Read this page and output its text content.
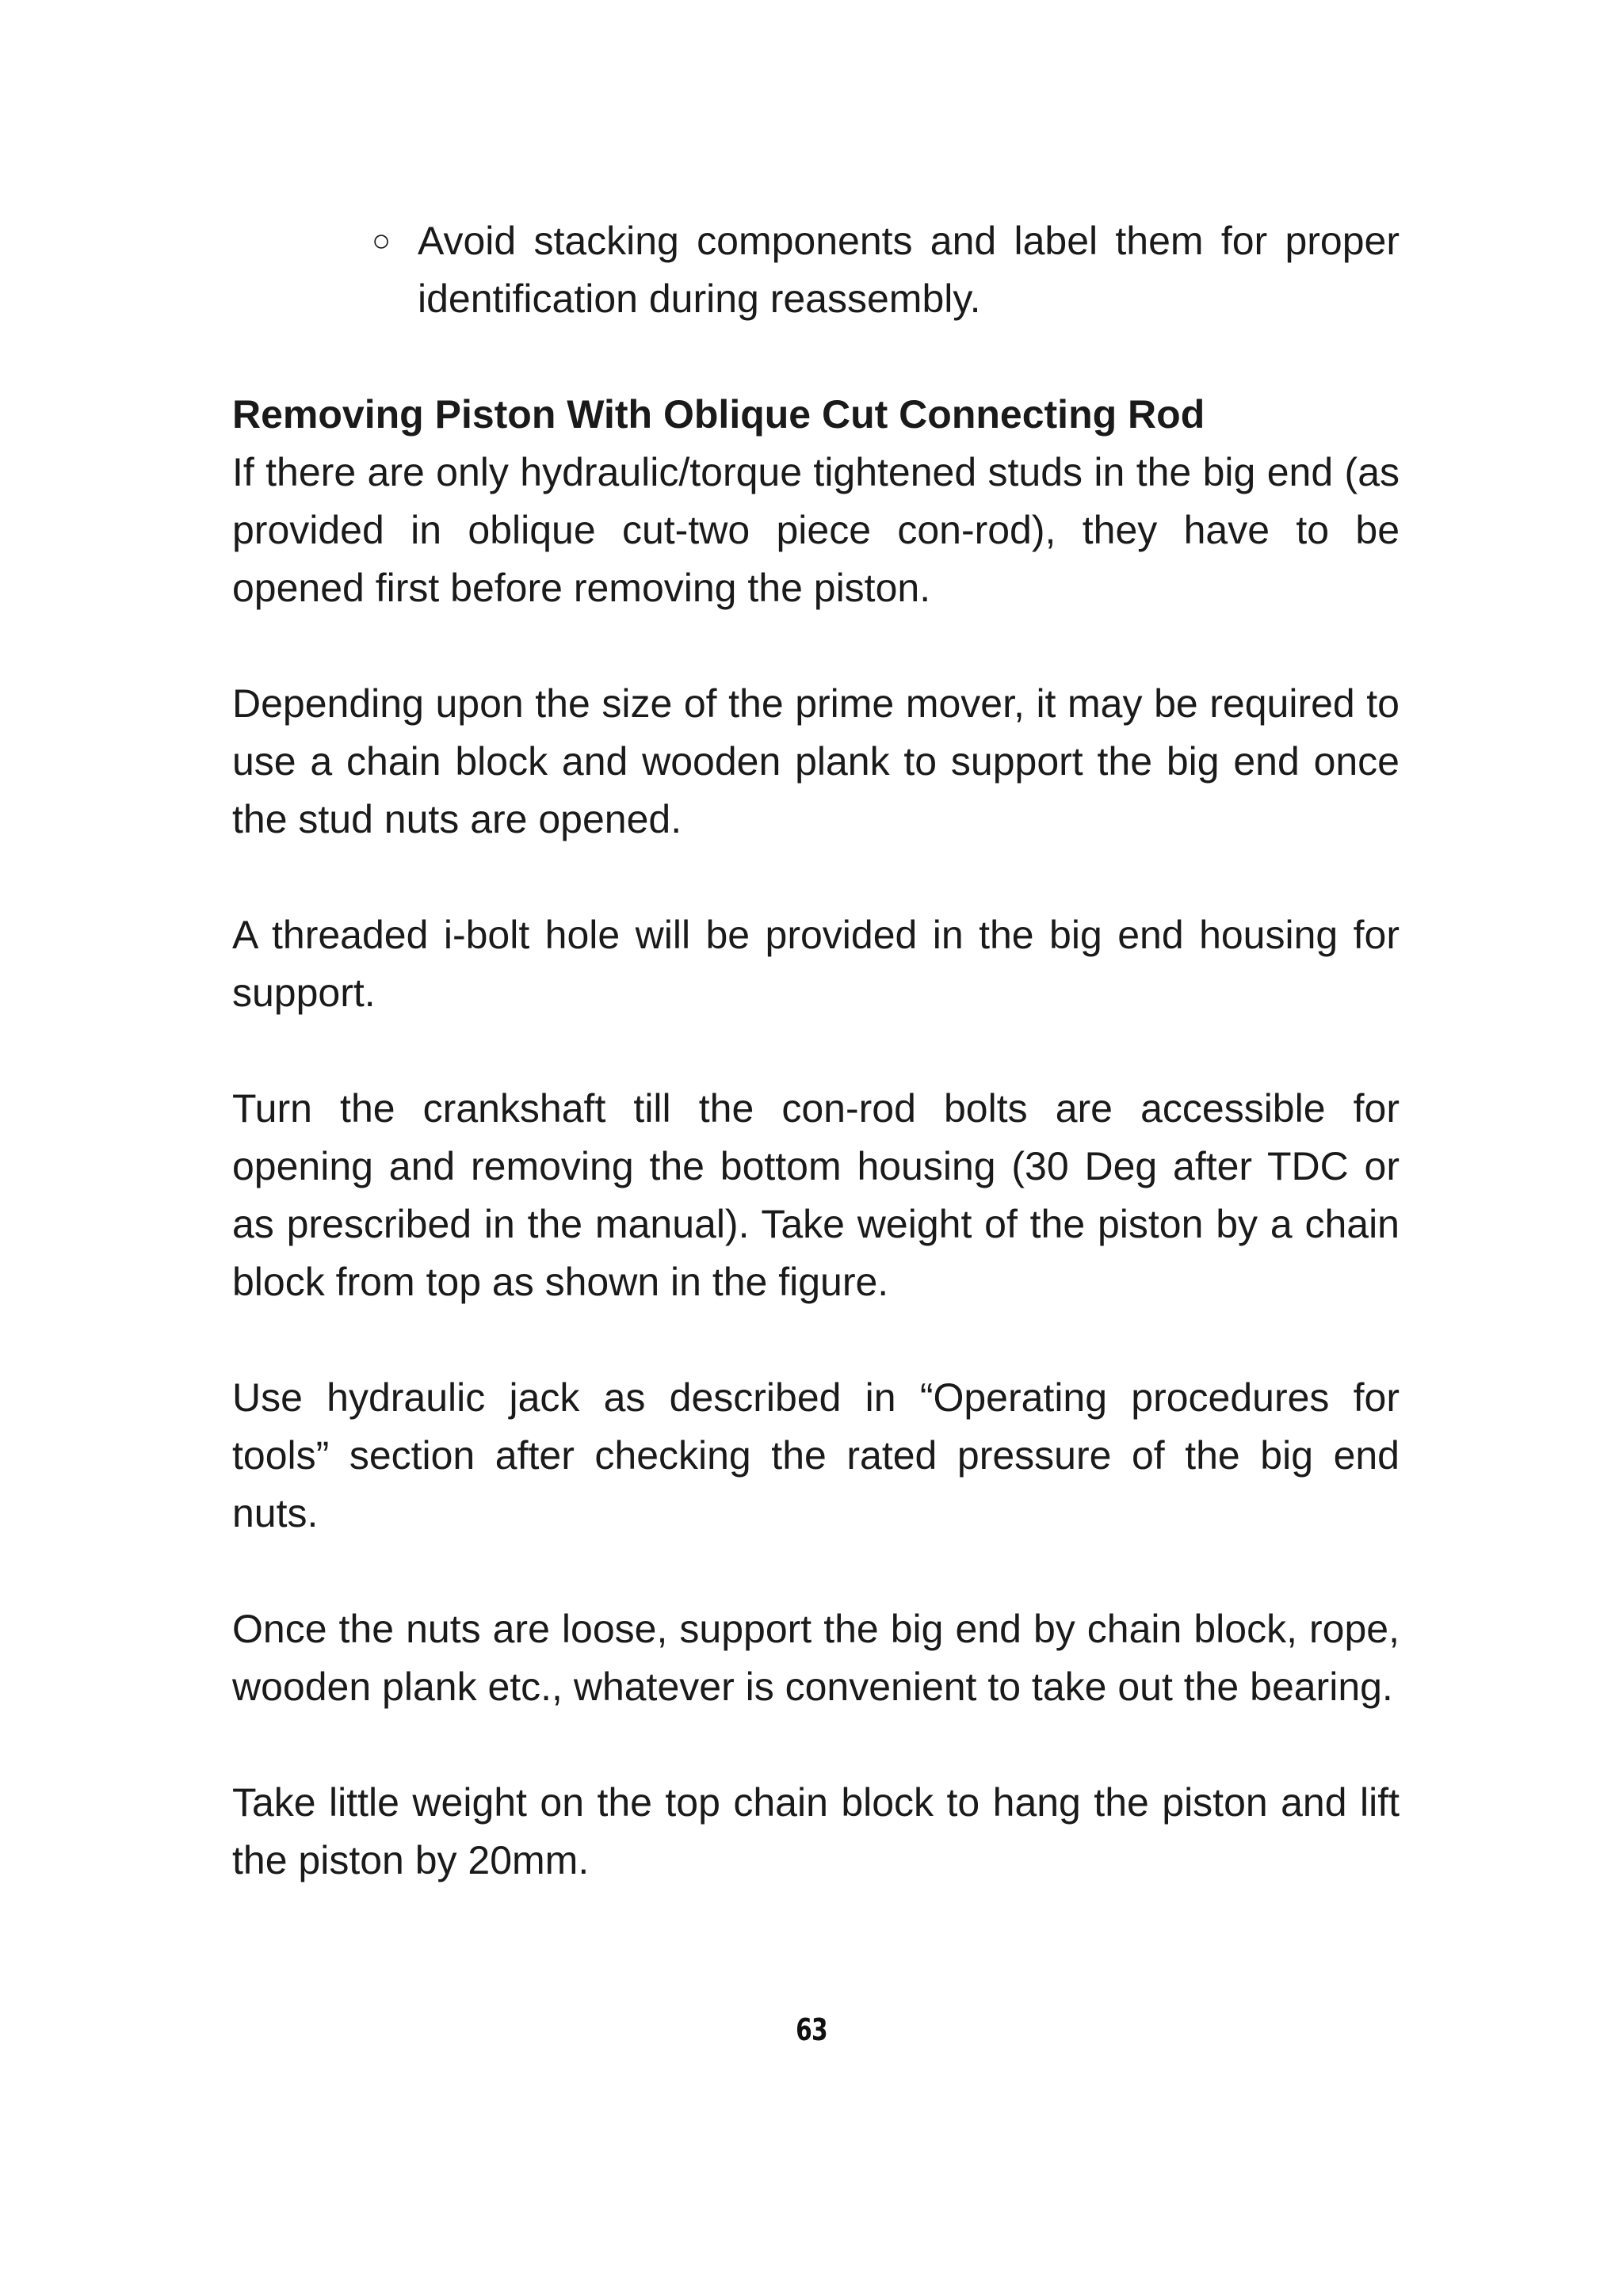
○ Avoid stacking components and label them for proper identification during reassembly.

Removing Piston With Oblique Cut Connecting Rod

If there are only hydraulic/torque tightened studs in the big end (as provided in oblique cut-two piece con-rod), they have to be opened first before removing the piston.

Depending upon the size of the prime mover, it may be required to use a chain block and wooden plank to support the big end once the stud nuts are opened.

A threaded i-bolt hole will be provided in the big end housing for support.

Turn the crankshaft till the con-rod bolts are accessible for opening and removing the bottom housing (30 Deg after TDC or as prescribed in the manual). Take weight of the piston by a chain block from top as shown in the figure.

Use hydraulic jack as described in “Operating procedures for tools” section after checking the rated pressure of the big end nuts.

Once the nuts are loose, support the big end by chain block, rope, wooden plank etc., whatever is convenient to take out the bearing.

Take little weight on the top chain block to hang the piston and lift the piston by 20mm.

63
